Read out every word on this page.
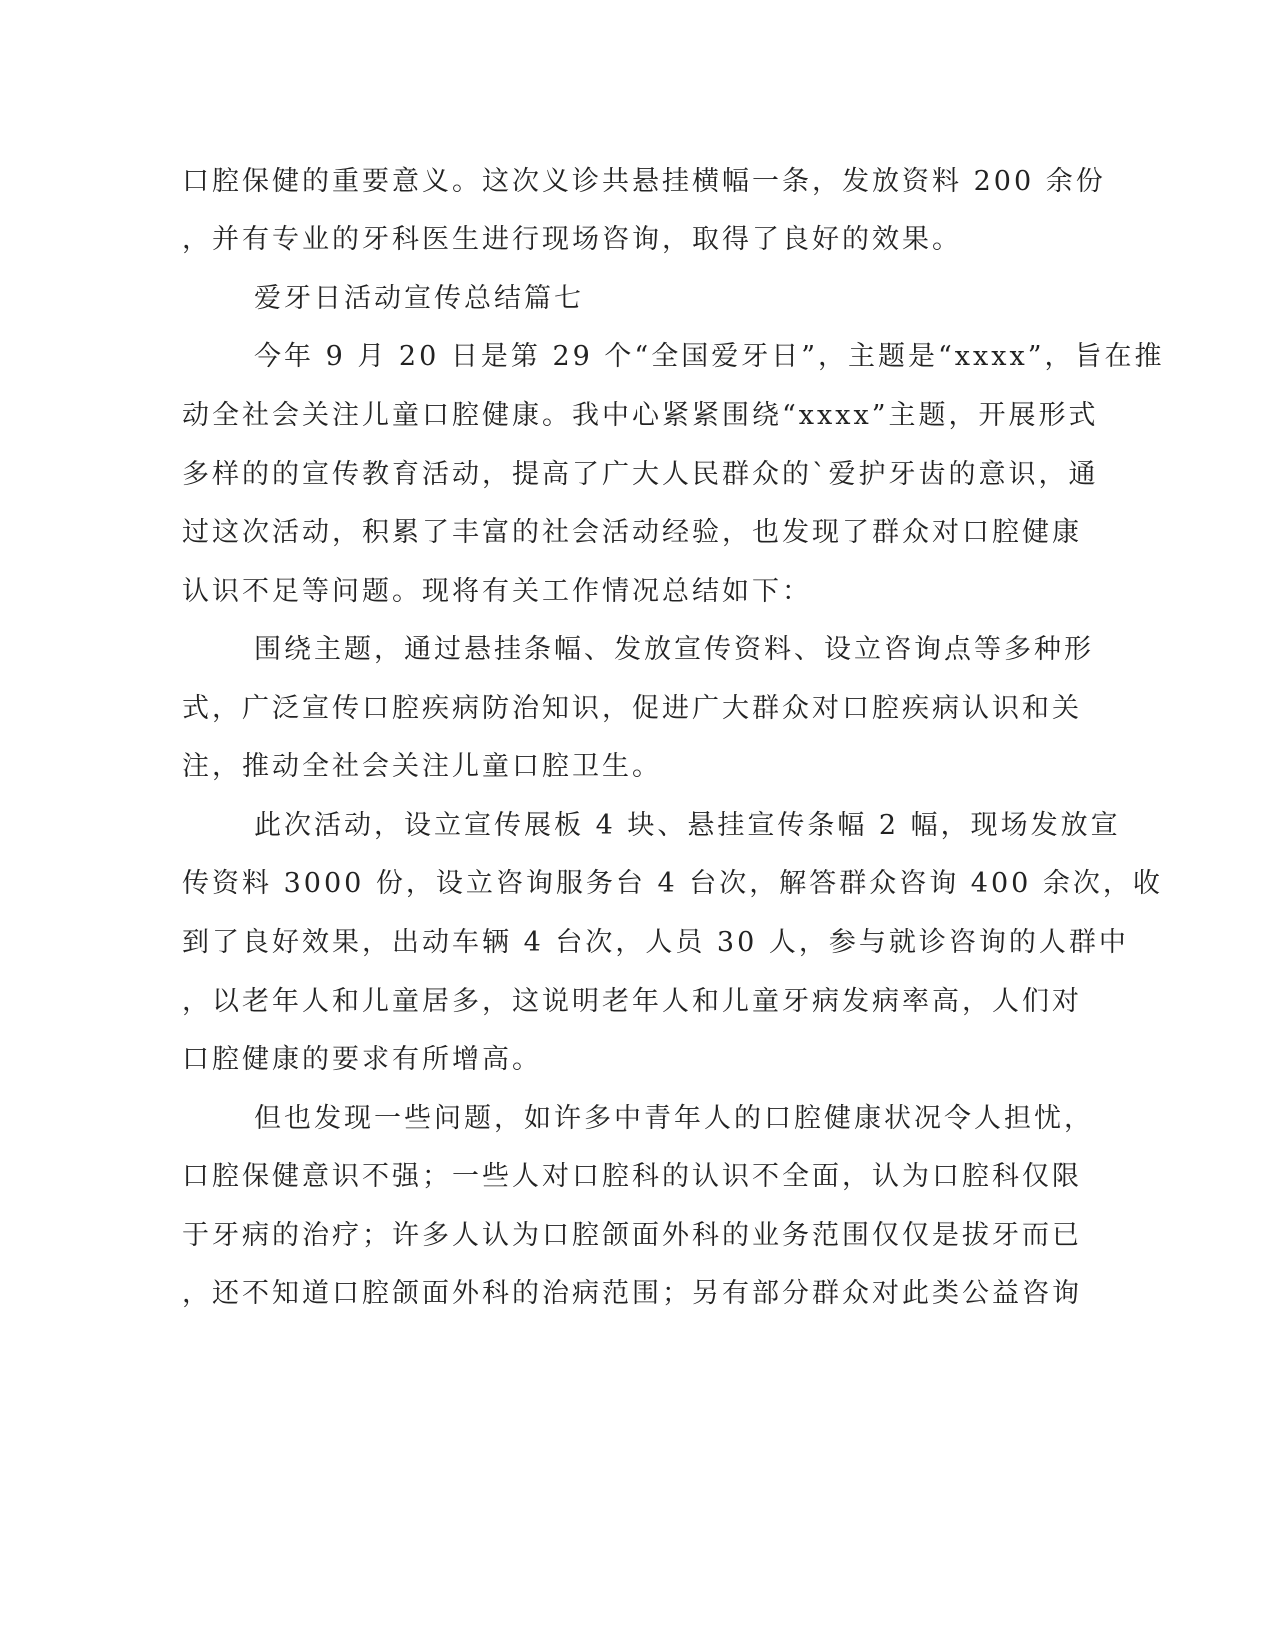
口腔保健的重要意义。这次义诊共悬挂横幅一条，发放资料 200 余份
，并有专业的牙科医生进行现场咨询，取得了良好的效果。
爱牙日活动宣传总结篇七
今年 9 月 20 日是第 29 个“全国爱牙日”，主题是“xxxx”，旨在推
动全社会关注儿童口腔健康。我中心紧紧围绕“xxxx”主题，开展形式
多样的的宣传教育活动，提高了广大人民群众的`爱护牙齿的意识，通
过这次活动，积累了丰富的社会活动经验，也发现了群众对口腔健康
认识不足等问题。现将有关工作情况总结如下：
围绕主题，通过悬挂条幅、发放宣传资料、设立咨询点等多种形
式，广泛宣传口腔疾病防治知识，促进广大群众对口腔疾病认识和关
注，推动全社会关注儿童口腔卫生。
此次活动，设立宣传展板 4 块、悬挂宣传条幅 2 幅，现场发放宣
传资料 3000 份，设立咨询服务台 4 台次，解答群众咨询 400 余次，收
到了良好效果，出动车辆 4 台次，人员 30 人，参与就诊咨询的人群中
，以老年人和儿童居多，这说明老年人和儿童牙病发病率高，人们对
口腔健康的要求有所增高。
但也发现一些问题，如许多中青年人的口腔健康状况令人担忧，
口腔保健意识不强；一些人对口腔科的认识不全面，认为口腔科仅限
于牙病的治疗；许多人认为口腔颌面外科的业务范围仅仅是拔牙而已
，还不知道口腔颌面外科的治病范围；另有部分群众对此类公益咨询
